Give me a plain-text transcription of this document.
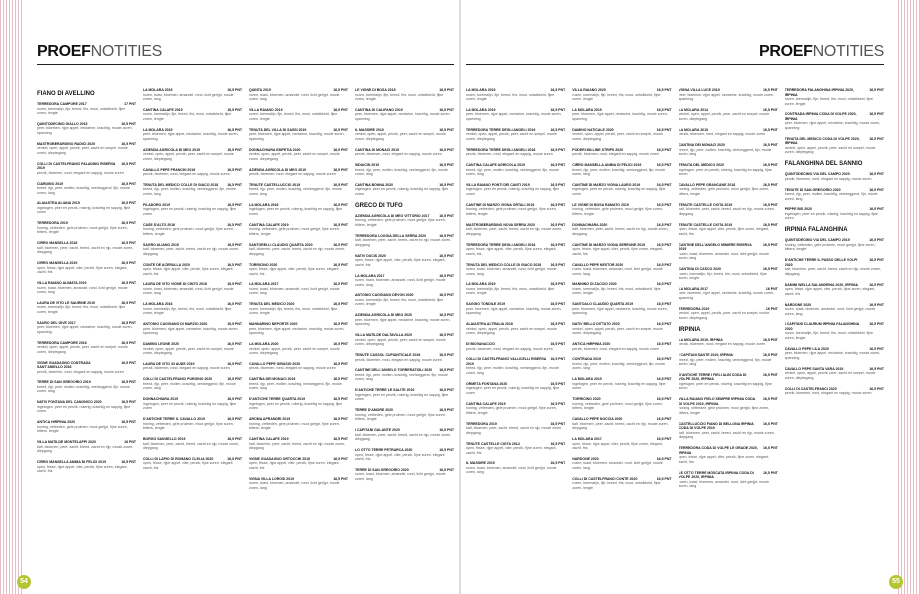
PROEFNOTITIES
FIANO DI AVELLINO
TERREDORA CAMPORE 2017	17 PNT
rozen, toermalijn, fijn, breed, fris, mooi, ontwikkeld, fijne zuren, lengte
QUINTODECIMO GIALLO 2015	16,5 PNT
peer, bloemen, rijpe appel, nectarine, krachtig, mooie zuren, spanning
MASTROBERARDINO RADICI 2020	16,5 PNT
venkel, open, appel, perzik, peer, zacht en soepel, mooie zuren, dieptegang
COLLI DI CASTELFRANCI PALADINO RISERVA 2019
16,5 PNT
perzik, bloemen, rond, elegant en sappig, mooie zuren
CIARDINO 2019	16,5 PNT
breed, rijp, peer, mollen, krachtig, veelzeggend, fijn, mooie zuren, lang
ALAIASTRA ALIANA 2019	16,5 PNT
ingetogen, peer en perzik, rokerig, krachtig en sappig, fijne zuren
TERREDORA 2019	16,5 PNT
honing, vettreden, gele pruimen, mooi gerijpt, fijne zuren, bitters, lengte
CIRRO MANSELLA 2018	16,5 PNT
kalf, bloemen, peer, zacht, breed, zacht en rijp, mooie zuren, diepgang
CIRRO MANSELLA 2019	16,5 PNT
open, frisse, rijpe appel, vlier, perzik, fijne zuren, elegant, zacht, fris
VILLA RAIANO ALIMATA 2019	16,5 PNT
rozen, toast, bloemen, amandel, rond, licht gerijpt, mooie zuren, lang
LAURA DE VITO LE SAURINE 2019	16,5 PNT
rozen, toermalijn, fijn, breed, fris, mooi, ontwikkeld, fijne zuren, lengte
SAURO DEL GIVE 2017	16,5 PNT
peer, bloemen, rijpe appel, nectarine, krachtig, mooie zuren, spanning
TERREDORA CAMPORE 2016	16,5 PNT
venkel, open, appel, perzik, peer, zacht en soepel, mooie zuren, dieptegang
VIGNE GUADAGNO CONTRADA SANT'ANIELLO 2016
16,5 PNT
perzik, bloemen, rond, elegant en sappig, mooie zuren
TERRE DI SAN GREGORIO 2019	16,5 PNT
breed, rijp, peer, mollen, krachtig, veelzeggend, fijn, mooie zuren, lang
NATIV FONTANA DEL CANONICO 2020	16,5 PNT
ingetogen, peer en perzik, rokerig, krachtig en sappig, fijne zuren
ANTICA HIRPINIA 2020	16,5 PNT
honing, vettreden, gele pruimen, mooi gerijpt, fijne zuren, bitters, lengte
VILLA MATILDE MONTELAPPI 2020	16 PNT
kalf, bloemen, peer, zacht, breed, zacht en rijp, mooie zuren, diepgang
CIRRO MANSELLA ANIMA DI FELICI 2019	16,5 PNT
open, frisse, rijpe appel, vlier, perzik, fijne zuren, elegant, zacht, fris
LA MOLARA 2019	16,5 PNT
rozen, toast, bloemen, amandel, rond, licht gerijpt, mooie zuren, lang
CANTINA CALAFE 2019	16,5 PNT
rozen, toermalijn, fijn, breed, fris, mooi, ontwikkeld, fijne zuren, lengte
LA MOLARA 2019	16,5 PNT
peer, bloemen, rijpe appel, nectarine, krachtig, mooie zuren, spanning
AZIENDA AGRICOLA DI MEO 2019	16,5 PNT
venkel, open, appel, perzik, peer, zacht en soepel, mooie zuren, dieptegang
CAVALLO PEPE FRANCHI 2019	16,5 PNT
perzik, bloemen, rond, elegant en sappig, mooie zuren
TENUTA DEL MEDICO COLLE DI GIACO 2018	16,5 PNT
breed, rijp, peer, mollen, krachtig, veelzeggend, fijn, mooie zuren, lang
FILADORO 2019	16,5 PNT
ingetogen, peer en perzik, rokerig, krachtig en sappig, fijne zuren
CASE D'ALTO 2016	16,5 PNT
honing, vettreden, gele pruimen, mooi gerijpt, fijne zuren, bitters, lengte
SAGRO ALIANO 2019	16,5 PNT
kalf, bloemen, peer, zacht, breed, zacht en rijp, mooie zuren, diepgang
CONTE DE ACERULLA 2020	16,5 PNT
open, frisse, rijpe appel, vlier, perzik, fijne zuren, elegant, zacht, fris
LAURA DE VITO VIGNE DI CINTO 2018	16,5 PNT
rozen, toast, bloemen, amandel, rond, licht gerijpt, mooie zuren, lang
LA MOLARA 2016	16,5 PNT
rozen, toermalijn, fijn, breed, fris, mooi, ontwikkeld, fijne zuren, lengte
ANTONIO CAGGIANO DI MARZIO 2020	16,5 PNT
peer, bloemen, rijpe appel, nectarine, krachtig, mooie zuren, spanning
DAMINO LEONE 2020	16,5 PNT
venkel, open, appel, perzik, peer, zacht en soepel, mooie zuren, dieptegang
LAURA DE VITO 33 AUDE 2019	16,5 PNT
perzik, bloemen, rond, elegant en sappig, mooie zuren
COLLI DI CASTELFRANCI PURGINO 2020	16,5 PNT
breed, rijp, peer, mollen, krachtig, veelzeggend, fijn, mooie zuren, lang
DONNACHIARA 2019	16,5 PNT
ingetogen, peer en perzik, rokerig, krachtig en sappig, fijne zuren
D'ANTICHE TERRE IL CAVALLO 2019	16,5 PNT
honing, vettreden, gele pruimen, mooi gerijpt, fijne zuren, bitters, lengte
BORGO SANGELLO 2019	16,5 PNT
kalf, bloemen, peer, zacht, breed, zacht en rijp, mooie zuren, diepgang
COLLI DI LAPIO DI ROMANO CLELIA 2020	16,5 PNT
open, frisse, rijpe appel, vlier, perzik, fijne zuren, elegant, zacht, fris
QUINTA 2019	16,5 PNT
rozen, toast, bloemen, amandel, rond, licht gerijpt, mooie zuren, lang
VILLA RAIANO 2019	16,5 PNT
rozen, toermalijn, fijn, breed, fris, mooi, ontwikkeld, fijne zuren, lengte
TENUTA DEL VILLA DI SASSI 2019	16,5 PNT
peer, bloemen, rijpe appel, nectarine, krachtig, mooie zuren, spanning
DONNACHIARA EMPETIA 2020	16,5 PNT
venkel, open, appel, perzik, peer, zacht en soepel, mooie zuren, dieptegang
AZIENDA AGRICOLA DI MEO 2019	16,5 PNT
perzik, bloemen, rond, elegant en sappig, mooie zuren
TENUTE CASTELLUCCIO 2019	16,5 PNT
breed, rijp, peer, mollen, krachtig, veelzeggend, fijn, mooie zuren, lang
LA MOLARA 2016	16,5 PNT
ingetogen, peer en perzik, rokerig, krachtig en sappig, fijne zuren
CANTINA CALAFE 2019	16,5 PNT
honing, vettreden, gele pruimen, mooi gerijpt, fijne zuren, bitters, lengte
SANTORELLI CLAUDIO QUARTA 2020	16,5 PNT
kalf, bloemen, peer, zacht, breed, zacht en rijp, mooie zuren, diepgang
TORRICINO 2020	16,5 PNT
open, frisse, rijpe appel, vlier, perzik, fijne zuren, elegant, zacht, fris
LA MOLARA 2017	16,5 PNT
rozen, toast, bloemen, amandel, rond, licht gerijpt, mooie zuren, lang
TENUTA DEL MEDICO 2020	16,5 PNT
rozen, toermalijn, fijn, breed, fris, mooi, ontwikkeld, fijne zuren, lengte
MANNARINO NEPORTE 2020	16,5 PNT
peer, bloemen, rijpe appel, nectarine, krachtig, mooie zuren, spanning
LA MOLARA 2020	16,5 PNT
venkel, open, appel, perzik, peer, zacht en soepel, mooie zuren, dieptegang
CAVALLO PEPE GIRASIO 2020	16,5 PNT
perzik, bloemen, rond, elegant en sappig, mooie zuren
CANTINA DEI MONACI 2019	16,5 PNT
breed, rijp, peer, mollen, krachtig, veelzeggend, fijn, mooie zuren, lang
D'ANTICHE TERRE QUARTA 2019	16,5 PNT
ingetogen, peer en perzik, rokerig, krachtig en sappig, fijne zuren
AROMA APRANDRI 2019	16,5 PNT
honing, vettreden, gele pruimen, mooi gerijpt, fijne zuren, bitters, lengte
CANTINA CALAFE 2019	16,5 PNT
kalf, bloemen, peer, zacht, breed, zacht en rijp, mooie zuren, diepgang
VIGNE GUADAGNO ORTOCCHI 2019	16,5 PNT
open, frisse, rijpe appel, vlier, perzik, fijne zuren, elegant, zacht, fris
VIGNA VILLA LOROSI 2019	16,5 PNT
rozen, toast, bloemen, amandel, rond, licht gerijpt, mooie zuren, lang
LE VIGNE DI BOSA 2018	16,5 PNT
rozen, toermalijn, fijn, breed, fris, mooi, ontwikkeld, fijne zuren, lengte
CANTINA DI CALIFANO 2019	16,5 PNT
peer, bloemen, rijpe appel, nectarine, krachtig, mooie zuren, spanning
IL MASSIRE 2019	16,5 PNT
venkel, open, appel, perzik, peer, zacht en soepel, mooie zuren, dieptegang
CANTINA DI MONACI 2019	16,5 PNT
perzik, bloemen, rond, elegant en sappig, mooie zuren
SIDAICIN 2019	16,5 PNT
breed, rijp, peer, mollen, krachtig, veelzeggend, fijn, mooie zuren, lang
CANTINA BONNA 2020	16,5 PNT
ingetogen, peer en perzik, rokerig, krachtig en sappig, fijne zuren
GRECO DI TUFO
AZIENDA AGRICOLA DI MEO VITTORIO 2017	16,5 PNT
honing, vettreden, gele pruimen, mooi gerijpt, fijne zuren, bitters, lengte
TERREDORA LOGGIA DELLA SERRA 2020	16,5 PNT
kalf, bloemen, peer, zacht, breed, zacht en rijp, mooie zuren, diepgang
NATIV DUCIS 2020	16,5 PNT
open, frisse, rijpe appel, vlier, perzik, fijne zuren, elegant, zacht, fris
LA MOLARA 2017	16,5 PNT
rozen, toast, bloemen, amandel, rond, licht gerijpt, mooie zuren, lang
ANTONIO CAGGIANO DEVON 2020	16,5 PNT
rozen, toermalijn, fijn, breed, fris, mooi, ontwikkeld, fijne zuren, lengte
AZIENDA AGRICOLA DI MEO 2020	16,5 PNT
peer, bloemen, rijpe appel, nectarine, krachtig, mooie zuren, spanning
VILLA MATILDE DALTAVILLA 2020	16,5 PNT
venkel, open, appel, perzik, peer, zacht en soepel, mooie zuren, dieptegang
TENUTE CASSOL CUPIANTICALE 2016	16,5 PNT
perzik, bloemen, rond, elegant en sappig, mooie zuren
CANTINE DELL'ANGELO TORRERATIGLI 2020 16,5 PNT
breed, rijp, peer, mollen, krachtig, veelzeggend, fijn, mooie zuren, lang
D'ANTICHE TERRE LE SALITE 2019	16,5 PNT
ingetogen, peer en perzik, rokerig, krachtig en sappig, fijne zuren
TERRE D'AMORE 2020	16,5 PNT
honing, vettreden, gele pruimen, mooi gerijpt, fijne zuren, bitters, lengte
I CAPITANI GALANTE 2020	16,5 PNT
kalf, bloemen, peer, zacht, breed, zacht en rijp, mooie zuren, diepgang
LO OTTO TERRE PETRARCA 2020	16,5 PNT
open, frisse, rijpe appel, vlier, perzik, fijne zuren, elegant, zacht, fris
TERRE DI SAN GREGORIO 2020	16,5 PNT
rozen, toast, bloemen, amandel, rond, licht gerijpt, mooie zuren, lang
54
PROEFNOTITIES
LA MOLARA 2019	16,5 PNT
rozen, toermalijn, fijn, breed, fris, mooi, ontwikkeld, fijne zuren, lengte
LA MOLARA 2019	16,5 PNT
peer, bloemen, rijpe appel, nectarine, krachtig, mooie zuren, spanning
TERREDORA TERRE DEGLI ANGELI 2019	16,5 PNT
venkel, open, appel, perzik, peer, zacht en soepel, mooie zuren, dieptegang
TERREDORA TERRE DEGLI ANGELI 2018	16,5 PNT
perzik, bloemen, rond, elegant en sappig, mooie zuren
CANTINA CALAFE AGRICOLA 2019	16,5 PNT
breed, rijp, peer, mollen, krachtig, veelzeggend, fijn, mooie zuren, lang
VILLA RAIANO PONTI DEI CANTI 2019	16,5 PNT
ingetogen, peer en perzik, rokerig, krachtig en sappig, fijne zuren
CANTINE DI MARZO VIGNA ORTALI 2019	16,5 PNT
honing, vettreden, gele pruimen, mooi gerijpt, fijne zuren, bitters, lengte
MASTROBERARDINO NOVA SERRA 2020	16,5 PNT
kalf, bloemen, peer, zacht, breed, zacht en rijp, mooie zuren, diepgang
TERREDORA TERRE DEGLI ANGELI 2016	16,5 PNT
open, frisse, rijpe appel, vlier, perzik, fijne zuren, elegant, zacht, fris
TENUTA DEL MEDICO COLLE DI GIACO 2018	16,5 PNT
rozen, toast, bloemen, amandel, rond, licht gerijpt, mooie zuren, lang
LA MOLARA 2019	16,5 PNT
rozen, toermalijn, fijn, breed, fris, mooi, ontwikkeld, fijne zuren, lengte
SAGGIO TONDILE 2019	16,5 PNT
peer, bloemen, rijpe appel, nectarine, krachtig, mooie zuren, spanning
ALAIASTRA ALTRALIA 2018	16,5 PNT
venkel, open, appel, perzik, peer, zacht en soepel, mooie zuren, dieptegang
DI BIOVANACCIO	16,5 PNT
perzik, bloemen, rond, elegant en sappig, mooie zuren
COLLI DI CASTELFRANCI VALLICELLI RISERVA 2019
16,5 PNT
breed, rijp, peer, mollen, krachtig, veelzeggend, fijn, mooie zuren, lang
ORMETA FONTANA 2020	16,5 PNT
ingetogen, peer en perzik, rokerig, krachtig en sappig, fijne zuren
CANTINA CALAFE 2019	16,5 PNT
honing, vettreden, gele pruimen, mooi gerijpt, fijne zuren, bitters, lengte
TERREDORA 2019	16,5 PNT
kalf, bloemen, peer, zacht, breed, zacht en rijp, mooie zuren, diepgang
TENUTE CASTELLE CIGTA 2014	16,5 PNT
open, frisse, rijpe appel, vlier, perzik, fijne zuren, elegant, zacht, fris
IL MASSIRE 2019	16,5 PNT
rozen, toast, bloemen, amandel, rond, licht gerijpt, mooie zuren, lang
VILLA RAIANO 2020	16,5 PNT
rozen, toermalijn, fijn, breed, fris, mooi, ontwikkeld, fijne zuren, lengte
LA MOLARA 2019	16,5 PNT
peer, bloemen, rijpe appel, nectarine, krachtig, mooie zuren, spanning
DAMINO NATICALE 2020	16,5 PNT
venkel, open, appel, perzik, peer, zacht en soepel, mooie zuren, dieptegang
PODERI MILLINE STRIPS 2020	16,5 PNT
perzik, bloemen, rond, elegant en sappig, mooie zuren
CIRRO MANSELLA ANIMA DI FELICI 2019	16,5 PNT
breed, rijp, peer, mollen, krachtig, veelzeggend, fijn, mooie zuren, lang
CANTINE DI MARZO VIGNA LAURO 2019	16,5 PNT
ingetogen, peer en perzik, rokerig, krachtig en sappig, fijne zuren
LE VIGNE DI BOSA RAMATO 2019	16,5 PNT
honing, vettreden, gele pruimen, mooi gerijpt, fijne zuren, bitters, lengte
DONNACHIARA 2020	16,5 PNT
kalf, bloemen, peer, zacht, breed, zacht en rijp, mooie zuren, diepgang
CANTINE DI MARZO VIGNA SERRONE 2019	16,5 PNT
open, frisse, rijpe appel, vlier, perzik, fijne zuren, elegant, zacht, fris
CAVALLO PEPE NESTOR 2020	16,5 PNT
rozen, toast, bloemen, amandel, rond, licht gerijpt, mooie zuren, lang
MANNINO DI ZACCIO 2020	16,5 PNT
rozen, toermalijn, fijn, breed, fris, mooi, ontwikkeld, fijne zuren, lengte
SANTOALO CLAUDIO QUARTA 2019	16,5 PNT
peer, bloemen, rijpe appel, nectarine, krachtig, mooie zuren, spanning
NATIV BELLO DITTATO 2020	16,5 PNT
venkel, open, appel, perzik, peer, zacht en soepel, mooie zuren, dieptegang
ANTICA HIRPINIA 2020	16,5 PNT
perzik, bloemen, rond, elegant en sappig, mooie zuren
CONTRADA 2019	16,5 PNT
breed, rijp, peer, mollen, krachtig, veelzeggend, fijn, mooie zuren, lang
LA MOLARA 2019	16,5 PNT
ingetogen, peer en perzik, rokerig, krachtig en sappig, fijne zuren
TORRICINO 2020	16,5 PNT
honing, vettreden, gele pruimen, mooi gerijpt, fijne zuren, bitters, lengte
CAVALLO PEPE NOCCIA 2020	16,5 PNT
kalf, bloemen, peer, zacht, breed, zacht en rijp, mooie zuren, diepgang
LA MOLARA 2017	16,5 PNT
open, frisse, rijpe appel, vlier, perzik, fijne zuren, elegant, zacht, fris
NARDONE 2020	16,5 PNT
rozen, toast, bloemen, amandel, rond, licht gerijpt, mooie zuren, lang
COLLI DI CASTELFRANCI CONTE 2020	16,5 PNT
rozen, toermalijn, fijn, breed, fris, mooi, ontwikkeld, fijne zuren, lengte
VIGNA VILLA LUCE 2019	16,5 PNT
peer, bloemen, rijpe appel, nectarine, krachtig, mooie zuren, spanning
LA MOLARA 2014	16,5 PNT
venkel, open, appel, perzik, peer, zacht en soepel, mooie zuren, dieptegang
LA MOLARA 2019	16,5 PNT
perzik, bloemen, rond, elegant en sappig, mooie zuren
CANTINA DEI MONACI 2020	16,5 PNT
breed, rijp, peer, mollen, krachtig, veelzeggend, fijn, mooie zuren, lang
TENUTA DEL MEDICO 2020	16,5 PNT
ingetogen, peer en perzik, rokerig, krachtig en sappig, fijne zuren
CAVALLO PEPE GRANCANE 2018	16,5 PNT
honing, vettreden, gele pruimen, mooi gerijpt, fijne zuren, bitters, lengte
TENUTE CASTELLE CIGTA 2019	16,5 PNT
kalf, bloemen, peer, zacht, breed, zacht en rijp, mooie zuren, diepgang
TENUTE CASTELLE CIGTA 2019	16,5 PNT
open, frisse, rijpe appel, vlier, perzik, fijne zuren, elegant, zacht, fris
CANTINE DELL'ANGELO MINIERE RISERVA 2019
16,5 PNT
rozen, toast, bloemen, amandel, rond, licht gerijpt, mooie zuren, lang
CANTINA DI CASCO 2020	16,5 PNT
rozen, toermalijn, fijn, breed, fris, mooi, ontwikkeld, fijne zuren, lengte
LA MOLARA 2017	16 PNT
peer, bloemen, rijpe appel, nectarine, krachtig, mooie zuren, spanning
TERREDORA 2019	16 PNT
venkel, open, appel, perzik, peer, zacht en soepel, mooie zuren, dieptegang
IRPINIA
LA MOLARA 2019, IRPINIA	16,5 PNT
perzik, bloemen, rond, elegant en sappig, mooie zuren
I CAPITANI SANTE 2019, IRPINIA	16,5 PNT
breed, rijp, peer, mollen, krachtig, veelzeggend, fijn, mooie zuren, lang
D'ANTICHE TERRE I FIELI ALBI CODA DI VOLPE 2020, IRPINIA
16,5 PNT
ingetogen, peer en perzik, rokerig, krachtig en sappig, fijne zuren
VILLA RAIANO FIELO SEMPRE IRPINIA CODA DI VOLPE 2019, IRPINIA
16,5 PNT
honing, vettreden, gele pruimen, mooi gerijpt, fijne zuren, bitters, lengte
CASTELLUCCIO FIANO DI BELLONA IRPINIA CODA DI VOLPE 2019
16,5 PNT
kalf, bloemen, peer, zacht, breed, zacht en rijp, mooie zuren, diepgang
TERREDORA CODA DI VOLPE LE GRADE 2020, IRPINIA
16,5 PNT
open, frisse, rijpe appel, vlier, perzik, fijne zuren, elegant, zacht, fris
LE OTTO TERRE MOSCATA IRPINIA CODA DI VOLPE 2020, IRPINIA
16,5 PNT
rozen, toast, bloemen, amandel, rond, licht gerijpt, mooie zuren, lang
TERREDORA FALANGHINA IRPINIA 2020, IRPINIA
16,5 PNT
rozen, toermalijn, fijn, breed, fris, mooi, ontwikkeld, fijne zuren, lengte
CONTRADA IRPINIA CODA DI VOLPE 2020, IRPINIA
16,5 PNT
peer, bloemen, rijpe appel, nectarine, krachtig, mooie zuren, spanning
TENUTA DEL MEDICO CODA DI VOLPE 2020, IRPINIA
16,5 PNT
venkel, open, appel, perzik, peer, zacht en soepel, mooie zuren, dieptegang
FALANGHINA DEL SANNIO
QUINTODECIMO VIA DEL CAMPO 2020	16,5 PNT
perzik, bloemen, rond, elegant en sappig, mooie zuren
TENUTE DI SAN GREGORIO 2020	16,5 PNT
breed, rijp, peer, mollen, krachtig, veelzeggend, fijn, mooie zuren, lang
PEPPE BIS 2020	16,5 PNT
ingetogen, peer en perzik, rokerig, krachtig en sappig, fijne zuren
IRPINIA FALANGHINA
QUINTODECIMO VIA DEL CAMPO 2019	16,5 PNT
honing, vettreden, gele pruimen, mooi gerijpt, fijne zuren, bitters, lengte
D'ANTICHE TERRE IL PASSO DELLE VOLPI 2020
16,5 PNT
kalf, bloemen, peer, zacht, breed, zacht en rijp, mooie zuren, diepgang
DAMINI WELLA SALANDRINA 2020, IRPINIA	16,5 PNT
open, frisse, rijpe appel, vlier, perzik, fijne zuren, elegant, zacht, fris
NARDONE 2020	16,5 PNT
rozen, toast, bloemen, amandel, rond, licht gerijpt, mooie zuren, lang
I CAPITANI CLAURUM IRPINIA FALANGHINA 2020
16,5 PNT
rozen, toermalijn, fijn, breed, fris, mooi, ontwikkeld, fijne zuren, lengte
CAVALLO PEPE LILA 2020	16,5 PNT
peer, bloemen, rijpe appel, nectarine, krachtig, mooie zuren, spanning
CAVALLO PEPE SANTA VARA 2019	16,5 PNT
venkel, open, appel, perzik, peer, zacht en soepel, mooie zuren, dieptegang
COLLI DI CASTELFRANCI 2020	16,5 PNT
perzik, bloemen, rond, elegant en sappig, mooie zuren
55
